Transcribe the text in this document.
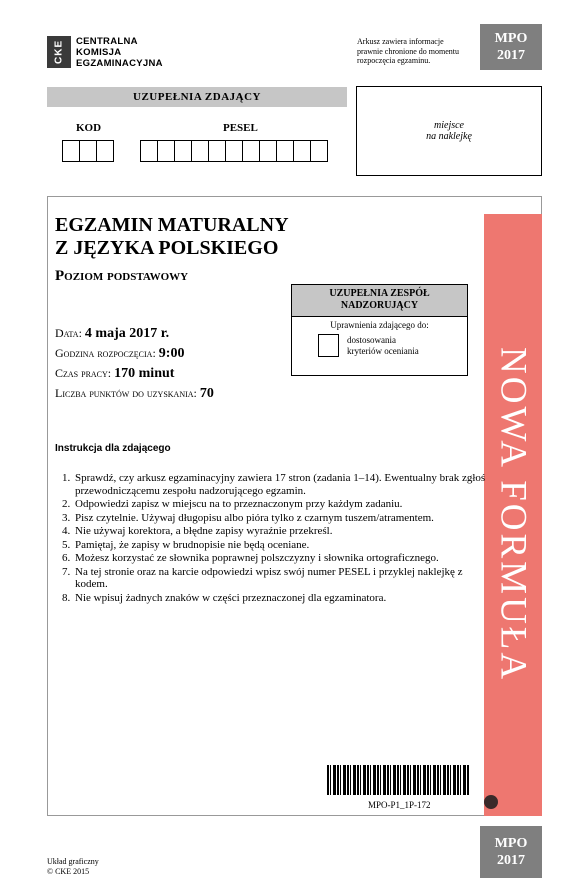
CKE	CENTRALNA
KOMISJA
EGZAMINACYJNA
Arkusz zawiera informacje
prawnie chronione do momentu
rozpoczęcia egzaminu.
MPO
2017
UZUPEŁNIA ZDAJĄCY
KOD	PESEL	miejsce
na naklejkę
NOWA FORMUŁA
EGZAMIN MATURALNY
Z JĘZYKA POLSKIEGO
Poziom podstawowy
UZUPEŁNIA ZESPÓŁ
NADZORUJĄCY
Uprawnienia zdającego do:
dostosowania
kryteriów oceniania
Data: 4 maja 2017 r.
Godzina rozpoczęcia: 9:00
Czas pracy: 170 minut
Liczba punktów do uzyskania: 70
Instrukcja dla zdającego
1. Sprawdź, czy arkusz egzaminacyjny zawiera 17 stron (zadania 1–14). Ewentualny brak zgłoś przewodniczącemu zespołu nadzorującego egzamin.
2. Odpowiedzi zapisz w miejscu na to przeznaczonym przy każdym zadaniu.
3. Pisz czytelnie. Używaj długopisu albo pióra tylko z czarnym tuszem/atramentem.
4. Nie używaj korektora, a błędne zapisy wyraźnie przekreśl.
5. Pamiętaj, że zapisy w brudnopisie nie będą oceniane.
6. Możesz korzystać ze słownika poprawnej polszczyzny i słownika ortograficznego.
7. Na tej stronie oraz na karcie odpowiedzi wpisz swój numer PESEL i przyklej naklejkę z kodem.
8. Nie wpisuj żadnych znaków w części przeznaczonej dla egzaminatora.
MPO-P1_1P-172
Układ graficzny
© CKE 2015
MPO
2017
